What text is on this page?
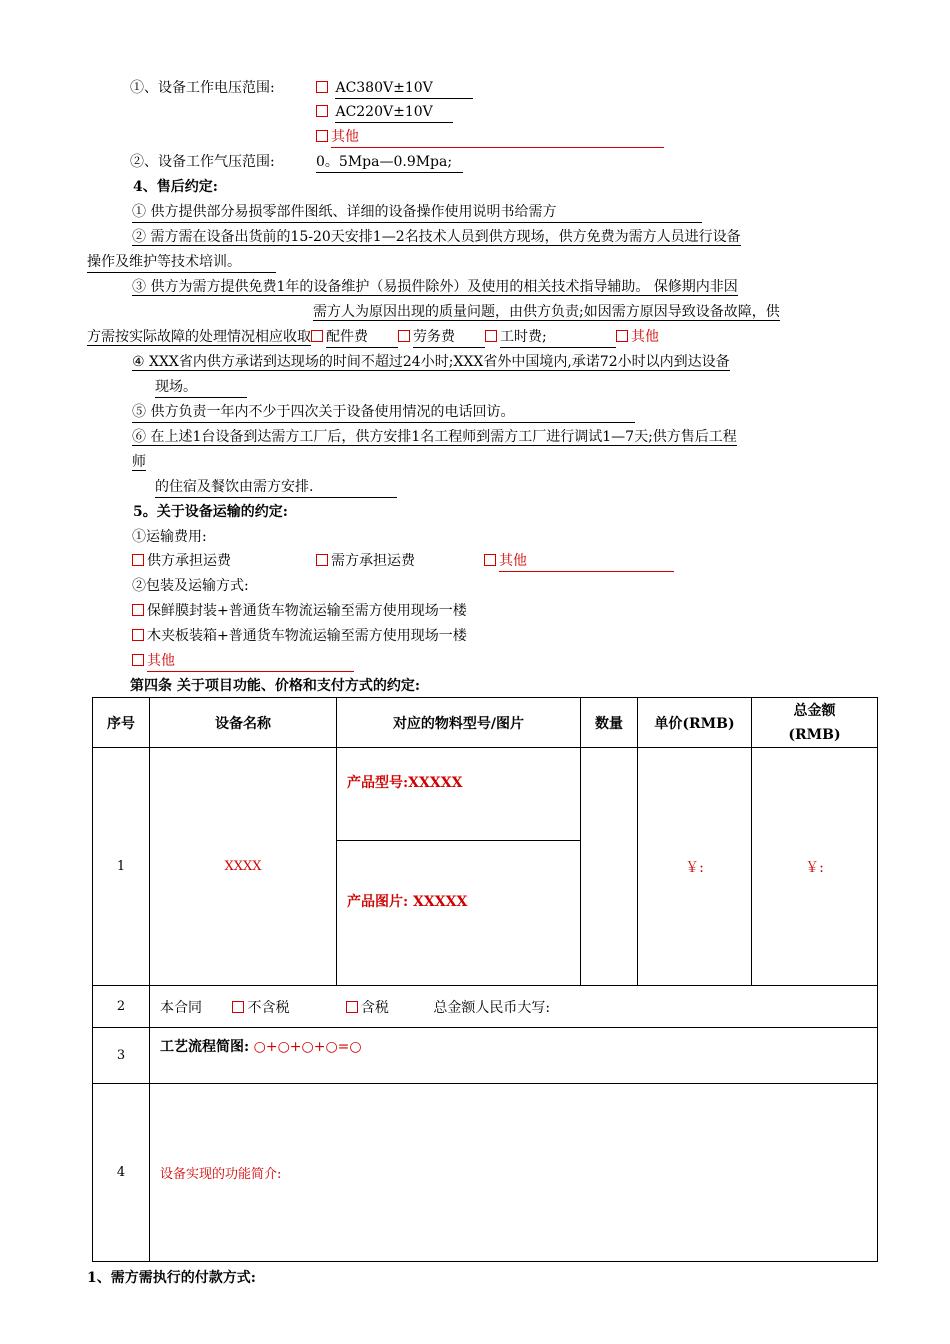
①、设备工作电压范围:	AC380V±10V
AC220V±10V
其他
②、设备工作气压范围:	0。5Mpa—0.9Mpa;
4、售后约定:
① 供方提供部分易损零部件图纸、详细的设备操作使用说明书给需方
② 需方需在设备出货前的15-20天安排1—2名技术人员到供方现场，供方免费为需方人员进行设备
操作及维护等技术培训。
③ 供方为需方提供免费1年的设备维护（易损件除外）及使用的相关技术指导辅助。 保修期内非因
需方人为原因出现的质量问题，由供方负责;如因需方原因导致设备故障，供
方需按实际故障的处理情况相应收取 配件费	劳务费	工时费;	其他
④ XXX省内供方承诺到达现场的时间不超过24小时;XXX省外中国境内,承诺72小时以内到达设备
现场。
⑤ 供方负责一年内不少于四次关于设备使用情况的电话回访。
⑥ 在上述1台设备到达需方工厂后，供方安排1名工程师到需方工厂进行调试1—7天;供方售后工程
师
的住宿及餐饮由需方安排.
5。关于设备运输的约定:
①运输费用:
供方承担运费	需方承担运费	其他
②包装及运输方式:
保鲜膜封装+普通货车物流运输至需方使用现场一楼
木夹板装箱+普通货车物流运输至需方使用现场一楼
其他
第四条 关于项目功能、价格和支付方式的约定:
序号	设备名称	对应的物料型号/图片	数量	单价(RMB)	总金额
(RMB)
1	XXXX	产品型号:XXXXX		￥:	￥:
		产品图片: XXXXX			
2	本合同 不含税 含税 总金额人民币大写:				
3	工艺流程简图: ○+○+○+○=○				
4	设备实现的功能简介:				
1、需方需执行的付款方式:
